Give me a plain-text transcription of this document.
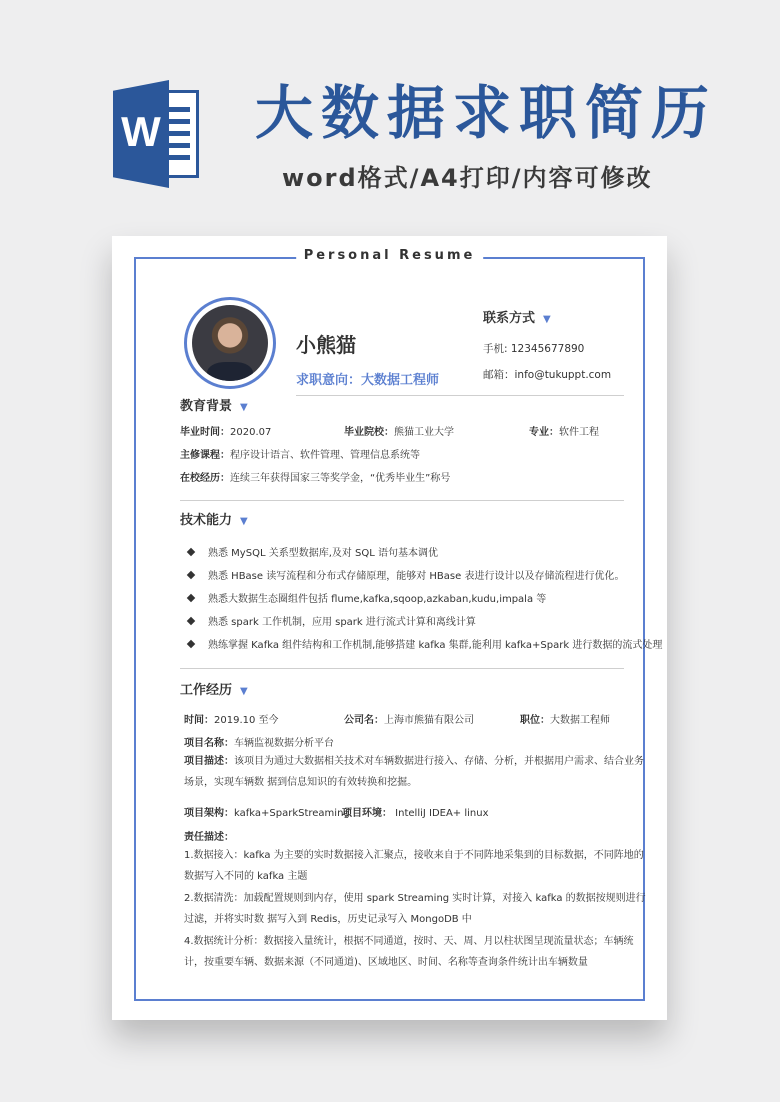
W 大数据求职简历
word格式/A4打印/内容可修改
Personal Resume
小熊猫
求职意向：大数据工程师
联系方式 ▼
手机: 12345677890
邮箱：info@tukuppt.com
教育背景 ▼
毕业时间：2020.07	毕业院校：熊猫工业大学	专业：软件工程
主修课程：程序设计语言、软件管理、管理信息系统等
在校经历：连续三年获得国家三等奖学金，“优秀毕业生”称号
技术能力 ▼
熟悉 MySQL 关系型数据库,及对 SQL 语句基本调优
熟悉 HBase 读写流程和分布式存储原理，能够对 HBase 表进行设计以及存储流程进行优化。
熟悉大数据生态圈组件包括 flume,kafka,sqoop,azkaban,kudu,impala 等
熟悉 spark 工作机制，应用 spark 进行流式计算和离线计算
熟练掌握 Kafka 组件结构和工作机制,能够搭建 kafka 集群,能利用 kafka+Spark 进行数据的流式处理
工作经历 ▼
时间：2019.10 至今	公司名：上海市熊猫有限公司	职位：大数据工程师
项目名称：车辆监视数据分析平台
项目描述：该项目为通过大数据相关技术对车辆数据进行接入、存储、分析，并根据用户需求、结合业务场景，实现车辆数 据到信息知识的有效转换和挖掘。
项目架构：kafka+SparkStreaming
项目环境： IntelliJ IDEA+ linux
责任描述：
1.数据接入：kafka 为主要的实时数据接入汇聚点，接收来自于不同阵地采集到的目标数据，不同阵地的数据写入不同的 kafka 主题
2.数据清洗：加载配置规则到内存，使用 spark Streaming 实时计算，对接入 kafka 的数据按规则进行过滤，并将实时数 据写入到 Redis，历史记录写入 MongoDB 中
4.数据统计分析：数据接入量统计，根据不同通道，按时、天、周、月以柱状图呈现流量状态；车辆统计，按重要车辆、数据来源（不同通道)、区域地区、时间、名称等查询条件统计出车辆数量
